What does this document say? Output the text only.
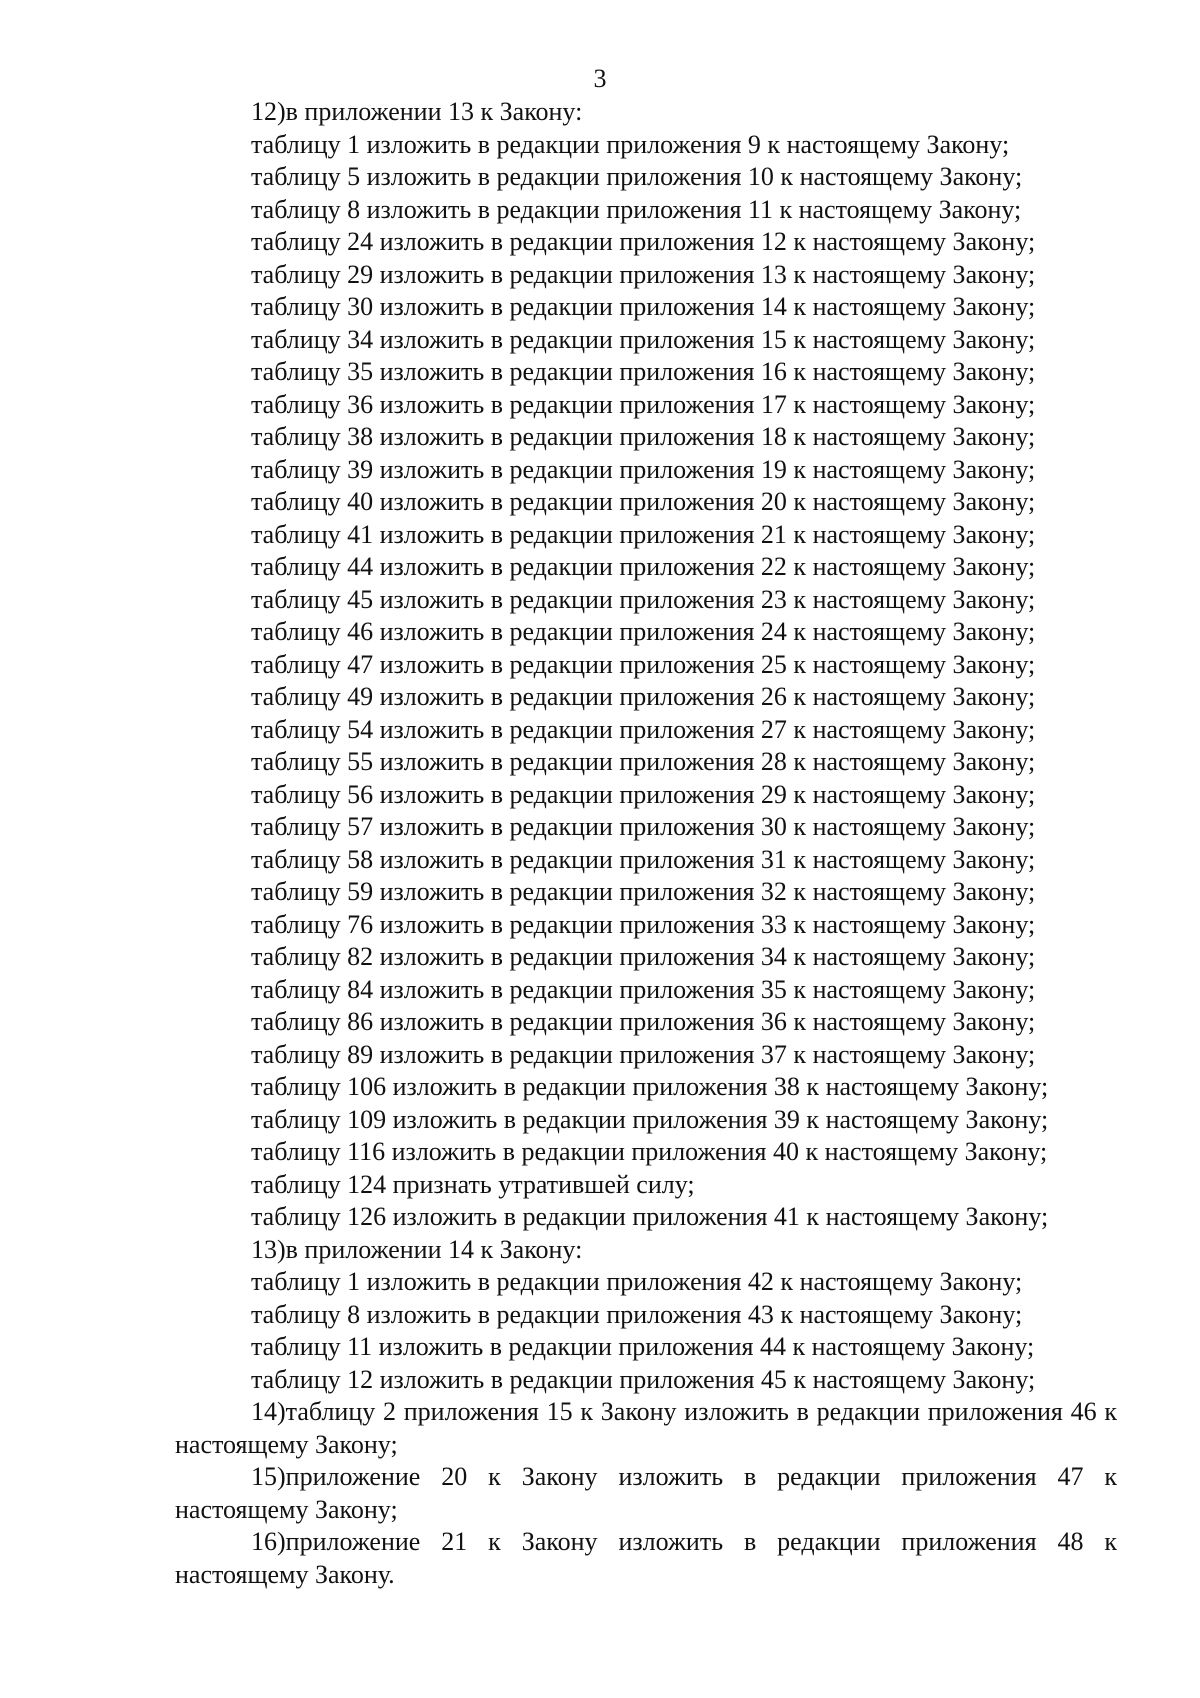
3
12)в приложении 13 к Закону:
таблицу 1 изложить в редакции приложения 9 к настоящему Закону;
таблицу 5 изложить в редакции приложения 10 к настоящему Закону;
таблицу 8 изложить в редакции приложения 11 к настоящему Закону;
таблицу 24 изложить в редакции приложения 12 к настоящему Закону;
таблицу 29 изложить в редакции приложения 13 к настоящему Закону;
таблицу 30 изложить в редакции приложения 14 к настоящему Закону;
таблицу 34 изложить в редакции приложения 15 к настоящему Закону;
таблицу 35 изложить в редакции приложения 16 к настоящему Закону;
таблицу 36 изложить в редакции приложения 17 к настоящему Закону;
таблицу 38 изложить в редакции приложения 18 к настоящему Закону;
таблицу 39 изложить в редакции приложения 19 к настоящему Закону;
таблицу 40 изложить в редакции приложения 20 к настоящему Закону;
таблицу 41 изложить в редакции приложения 21 к настоящему Закону;
таблицу 44 изложить в редакции приложения 22 к настоящему Закону;
таблицу 45 изложить в редакции приложения 23 к настоящему Закону;
таблицу 46 изложить в редакции приложения 24 к настоящему Закону;
таблицу 47 изложить в редакции приложения 25 к настоящему Закону;
таблицу 49 изложить в редакции приложения 26 к настоящему Закону;
таблицу 54 изложить в редакции приложения 27 к настоящему Закону;
таблицу 55 изложить в редакции приложения 28 к настоящему Закону;
таблицу 56 изложить в редакции приложения 29 к настоящему Закону;
таблицу 57 изложить в редакции приложения 30 к настоящему Закону;
таблицу 58 изложить в редакции приложения 31 к настоящему Закону;
таблицу 59 изложить в редакции приложения 32 к настоящему Закону;
таблицу 76 изложить в редакции приложения 33 к настоящему Закону;
таблицу 82 изложить в редакции приложения 34 к настоящему Закону;
таблицу 84 изложить в редакции приложения 35 к настоящему Закону;
таблицу 86 изложить в редакции приложения 36 к настоящему Закону;
таблицу 89 изложить в редакции приложения 37 к настоящему Закону;
таблицу 106 изложить в редакции приложения 38 к настоящему Закону;
таблицу 109 изложить в редакции приложения 39 к настоящему Закону;
таблицу 116 изложить в редакции приложения 40 к настоящему Закону;
таблицу 124 признать утратившей силу;
таблицу 126 изложить в редакции приложения 41 к настоящему Закону;
13)в приложении 14 к Закону:
таблицу 1 изложить в редакции приложения 42 к настоящему Закону;
таблицу 8 изложить в редакции приложения 43 к настоящему Закону;
таблицу 11 изложить в редакции приложения 44 к настоящему Закону;
таблицу 12 изложить в редакции приложения 45 к настоящему Закону;
14)таблицу 2 приложения 15 к Закону изложить в редакции приложения 46 к настоящему Закону;
15)приложение 20 к Закону изложить в редакции приложения 47 к настоящему Закону;
16)приложение 21 к Закону изложить в редакции приложения 48 к настоящему Закону.
